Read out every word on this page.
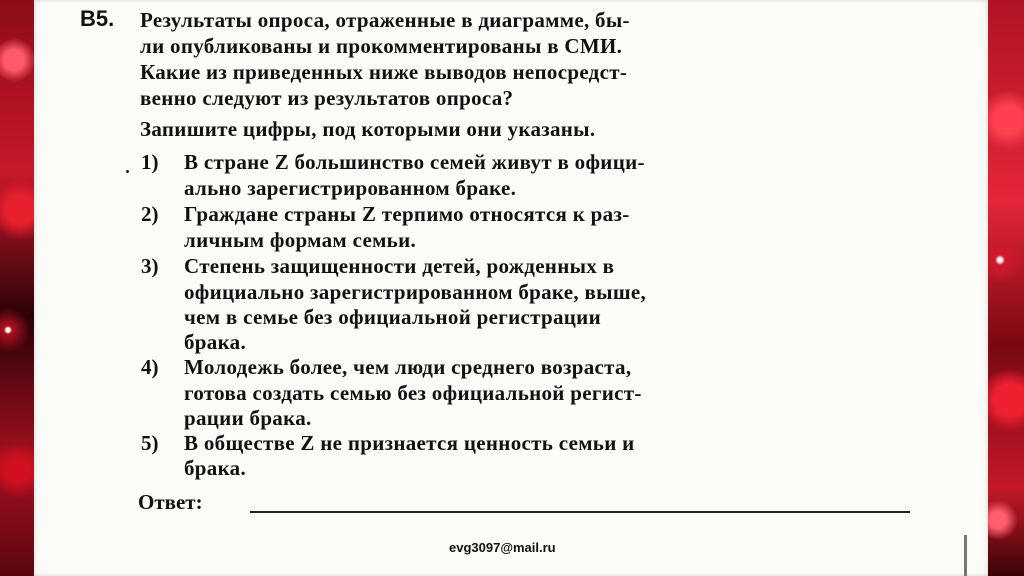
B5. Результаты опроса, отраженные в диаграмме, бы-
ли опубликованы и прокомментированы в СМИ.
Какие из приведенных ниже выводов непосредст-
венно следуют из результатов опроса?
Запишите цифры, под которыми они указаны.
1) В стране Z большинство семей живут в офици-
ально зарегистрированном браке.
2) Граждане страны Z терпимо относятся к раз-
личным формам семьи.
3) Степень защищенности детей, рожденных в
официально зарегистрированном браке, выше,
чем в семье без официальной регистрации
брака.
4) Молодежь более, чем люди среднего возраста,
готова создать семью без официальной регист-
рации брака.
5) В обществе Z не признается ценность семьи и
брака.
Ответ:
evg3097@mail.ru
